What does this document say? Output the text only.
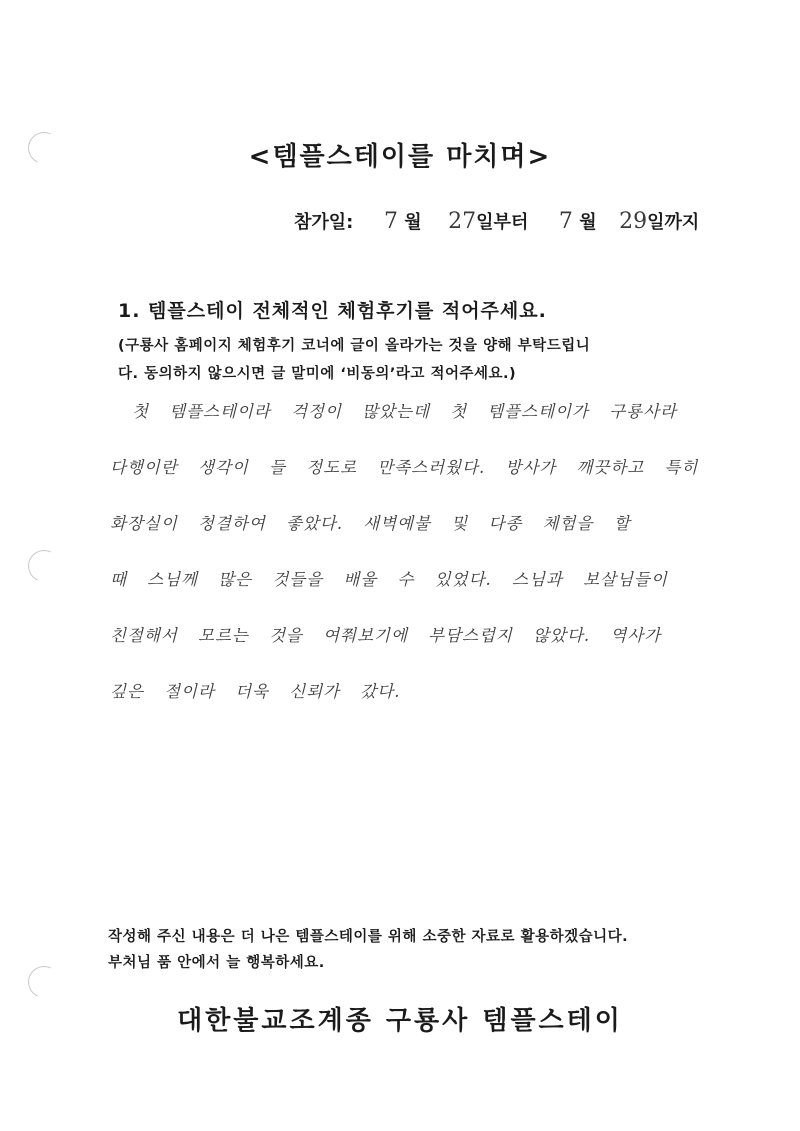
<템플스테이를 마치며>
참가일: 7 월 27일부터 7 월 29일까지
1. 템플스테이 전체적인 체험후기를 적어주세요.
(구룡사 홈페이지 체험후기 코너에 글이 올라가는 것을 양해 부탁드립니
다. 동의하지 않으시면 글 말미에 ‘비동의’라고 적어주세요.)
첫 템플스테이라 걱정이 많았는데 첫 템플스테이가 구룡사라
다행이란 생각이 들 정도로 만족스러웠다. 방사가 깨끗하고 특히
화장실이 청결하여 좋았다. 새벽예불 및 다종 체험을 할
때 스님께 많은 것들을 배울 수 있었다. 스님과 보살님들이
친절해서 모르는 것을 여쭤보기에 부담스럽지 않았다. 역사가
깊은 절이라 더욱 신뢰가 갔다.
작성해 주신 내용은 더 나은 템플스테이를 위해 소중한 자료로 활용하겠습니다.
부처님 품 안에서 늘 행복하세요.
대한불교조계종 구룡사 템플스테이
